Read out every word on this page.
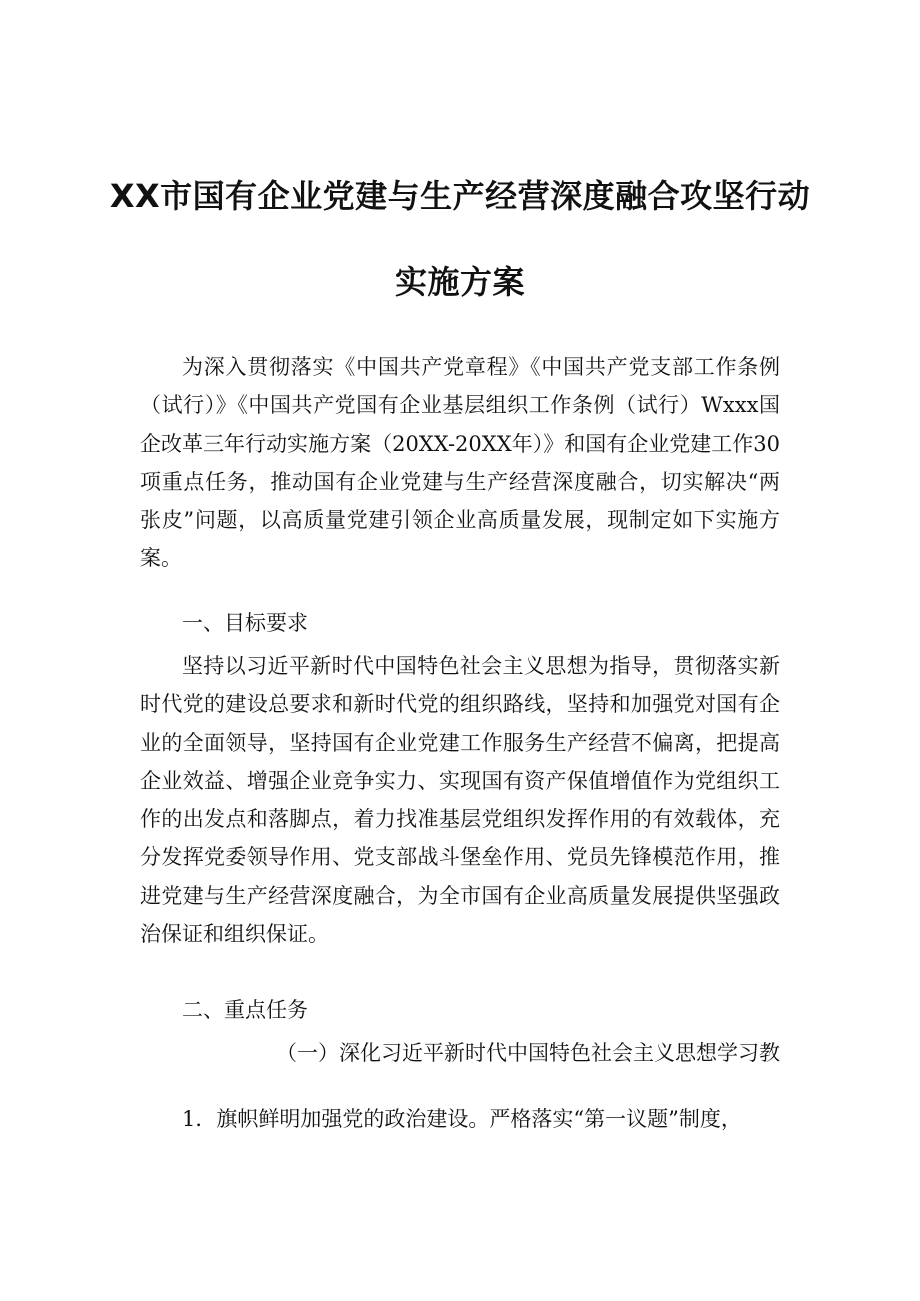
XX市国有企业党建与生产经营深度融合攻坚行动
实施方案

为深入贯彻落实《中国共产党章程》《中国共产党支部工作条例（试行）》《中国共产党国有企业基层组织工作条例（试行）Wxxx国企改革三年行动实施方案（20XX-20XX年）》和国有企业党建工作30项重点任务，推动国有企业党建与生产经营深度融合，切实解决“两张皮”问题，以高质量党建引领企业高质量发展，现制定如下实施方案。

一、目标要求

坚持以习近平新时代中国特色社会主义思想为指导，贯彻落实新时代党的建设总要求和新时代党的组织路线，坚持和加强党对国有企业的全面领导，坚持国有企业党建工作服务生产经营不偏离，把提高企业效益、增强企业竞争实力、实现国有资产保值增值作为党组织工作的出发点和落脚点，着力找准基层党组织发挥作用的有效载体，充分发挥党委领导作用、党支部战斗堡垒作用、党员先锋模范作用，推进党建与生产经营深度融合，为全市国有企业高质量发展提供坚强政治保证和组织保证。

二、重点任务

（一）深化习近平新时代中国特色社会主义思想学习教

1．旗帜鲜明加强党的政治建设。严格落实“第一议题”制度，
